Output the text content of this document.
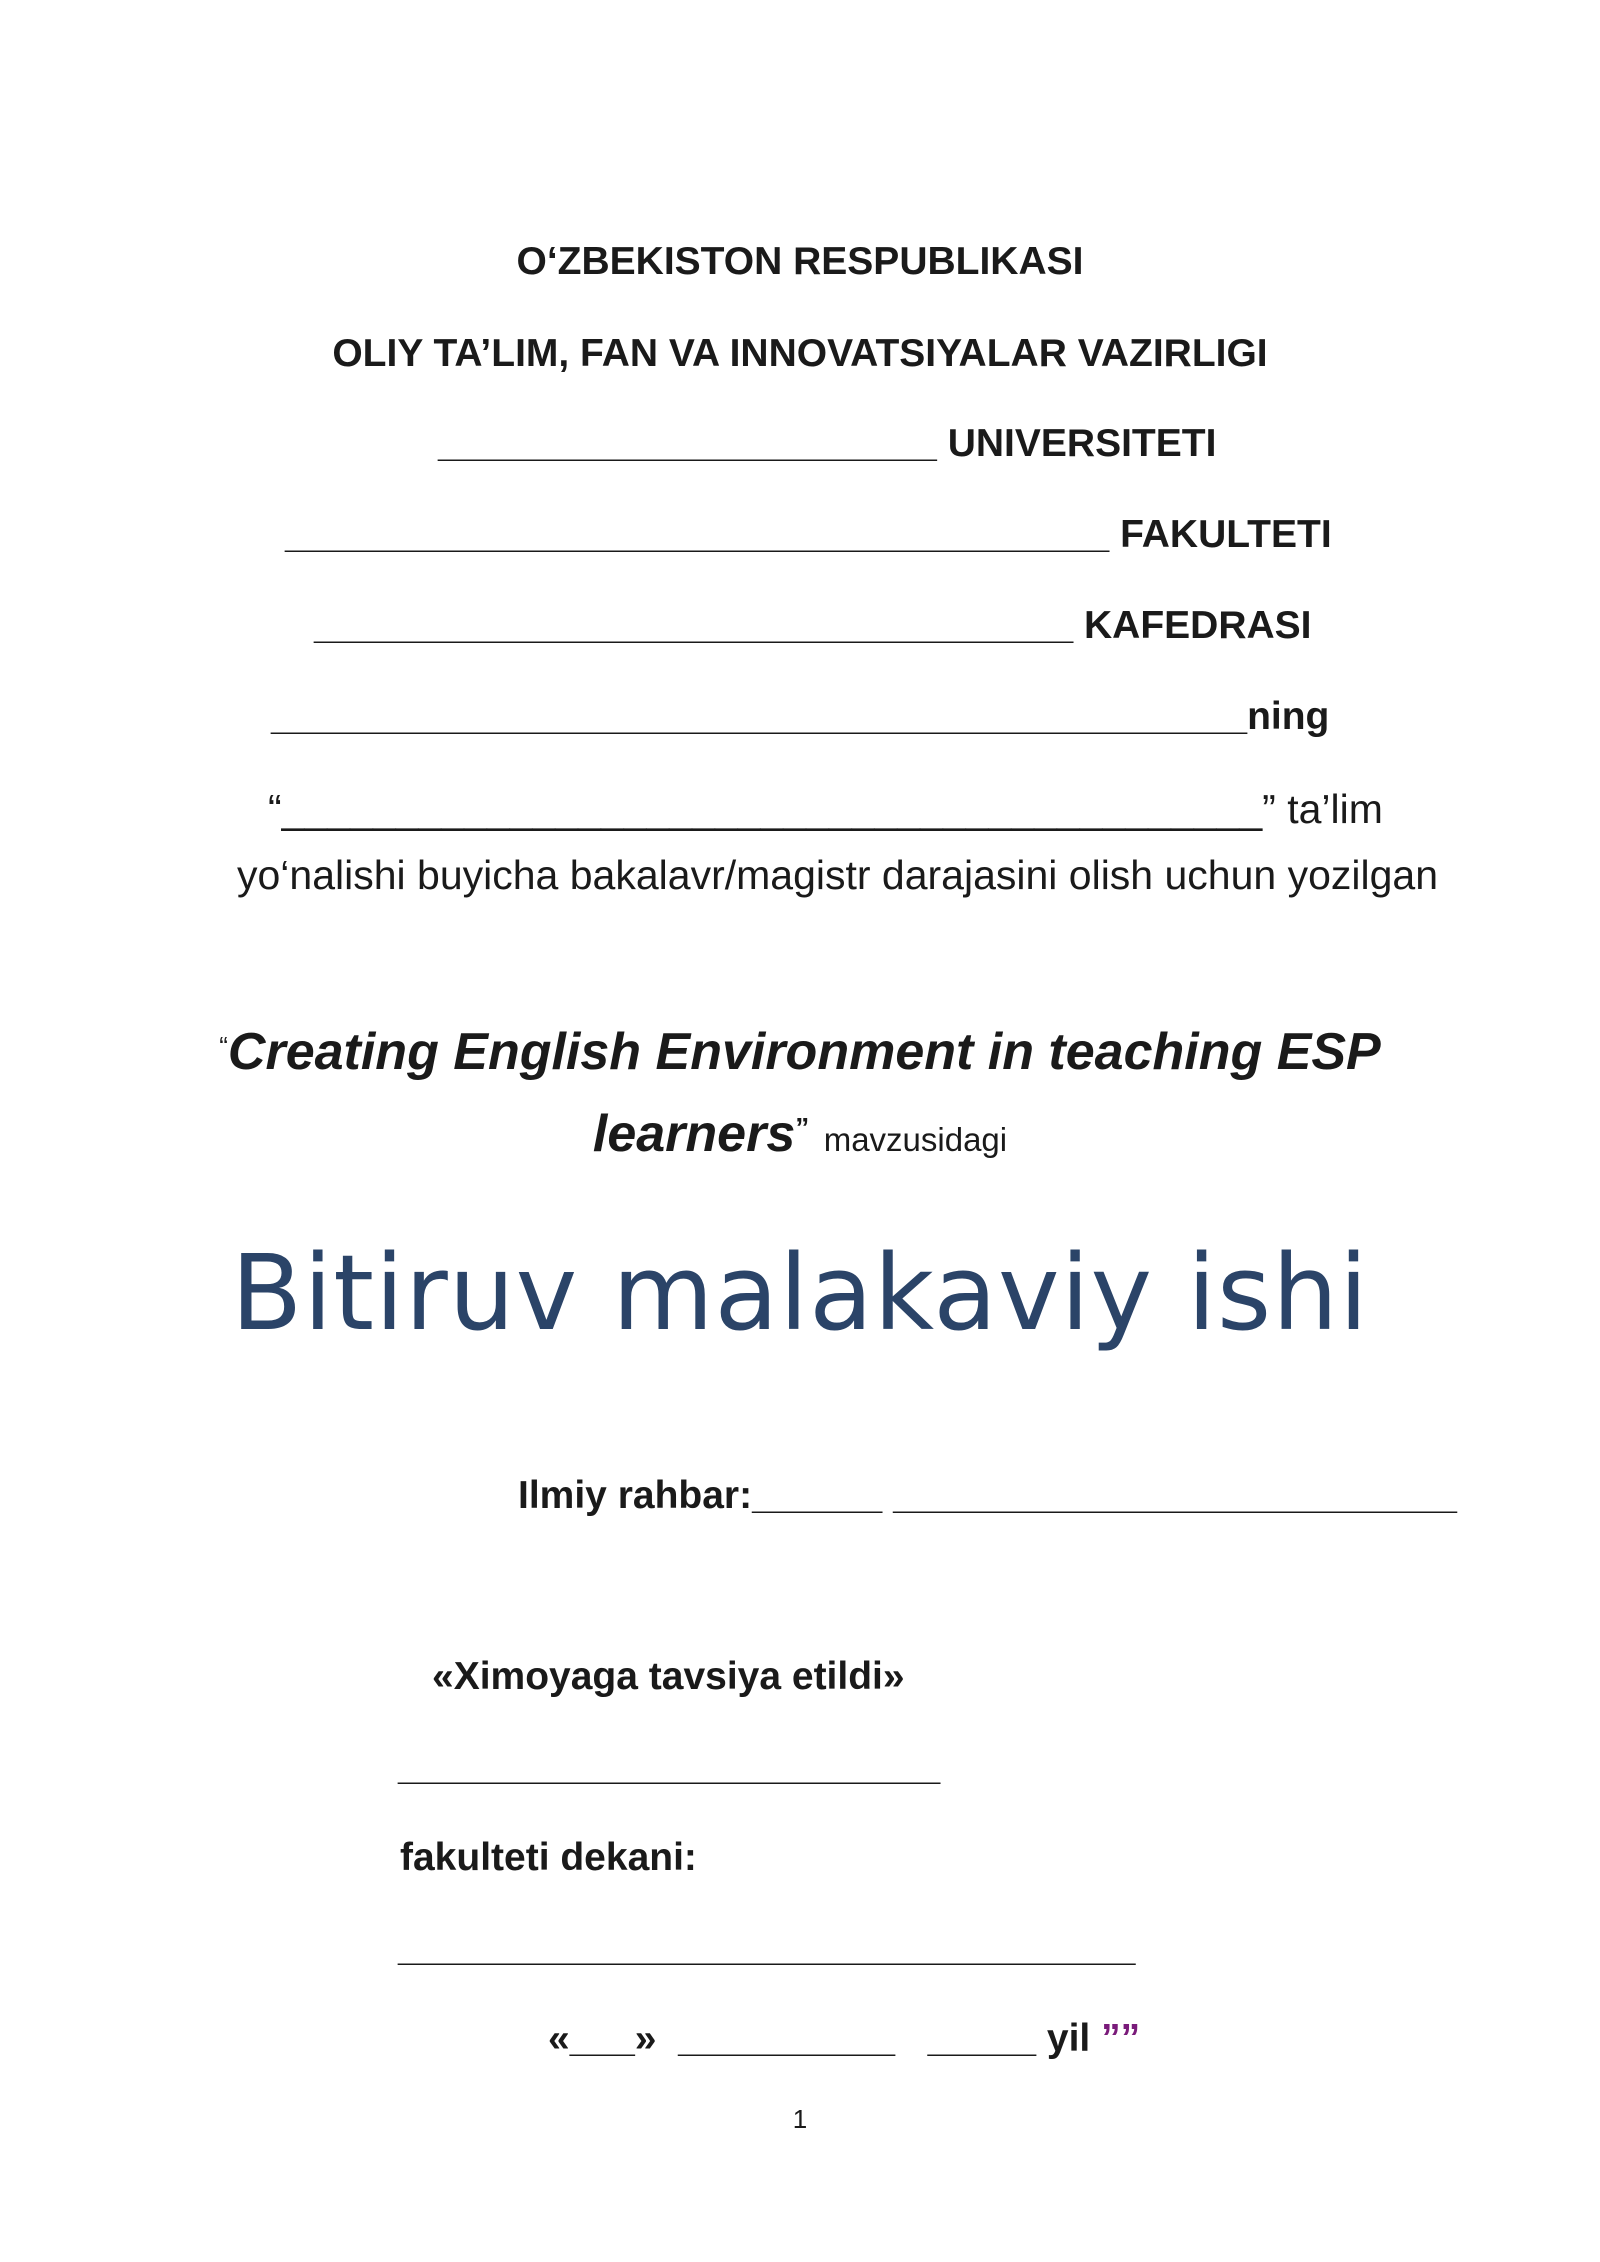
O‘ZBEKISTON RESPUBLIKASI
OLIY TA’LIM, FAN VA INNOVATSIYALAR VAZIRLIGI
_______________________ UNIVERSITETI
______________________________________ FAKULTETI
___________________________________ KAFEDRASI
_____________________________________________ning
“___________________________________________” ta’lim
yo‘nalishi buyicha bakalavr/magistr darajasini olish uchun yozilgan
“Creating English Environment in teaching ESP
learners” mavzusidagi
Bitiruv malakaviy ishi
Ilmiy rahbar:______ __________________________
«Ximoyaga tavsiya etildi»
_________________________
fakulteti dekani:
__________________________________
«___» __________ _____ yil ””
1
